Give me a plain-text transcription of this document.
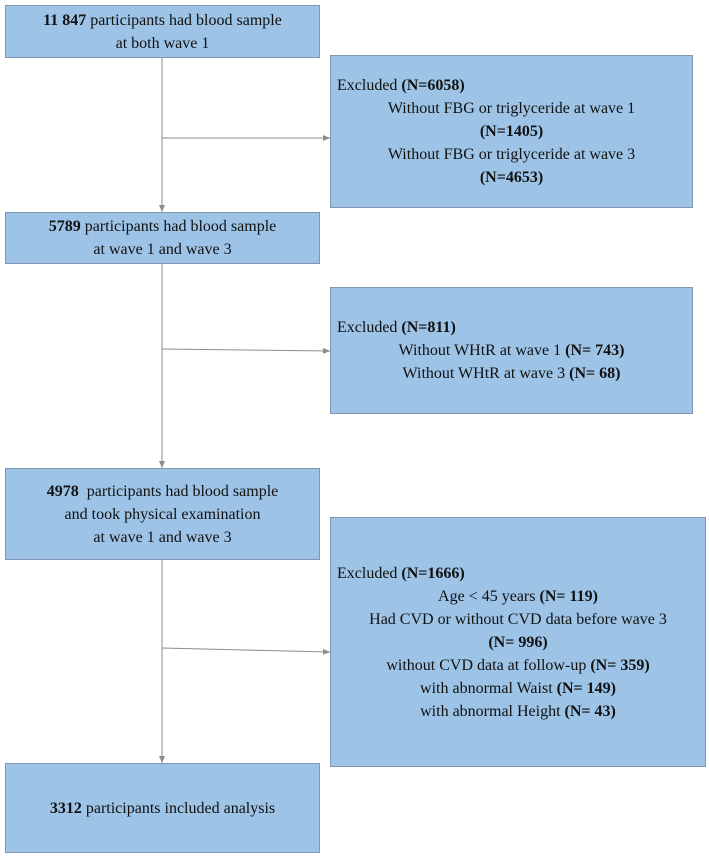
11 847 participants had blood sample
at both wave 1
5789 participants had blood sample
at wave 1 and wave 3
4978  participants had blood sample
and took physical examination
at wave 1 and wave 3
3312 participants included analysis
Excluded (N=6058)
Without FBG or triglyceride at wave 1
(N=1405)
Without FBG or triglyceride at wave 3
(N=4653)
Excluded (N=811)
Without WHtR at wave 1 (N= 743)
Without WHtR at wave 3 (N= 68)
Excluded (N=1666)
Age < 45 years (N= 119)
Had CVD or without CVD data before wave 3
(N= 996)
without CVD data at follow-up (N= 359)
with abnormal Waist (N= 149)
with abnormal Height (N= 43)
